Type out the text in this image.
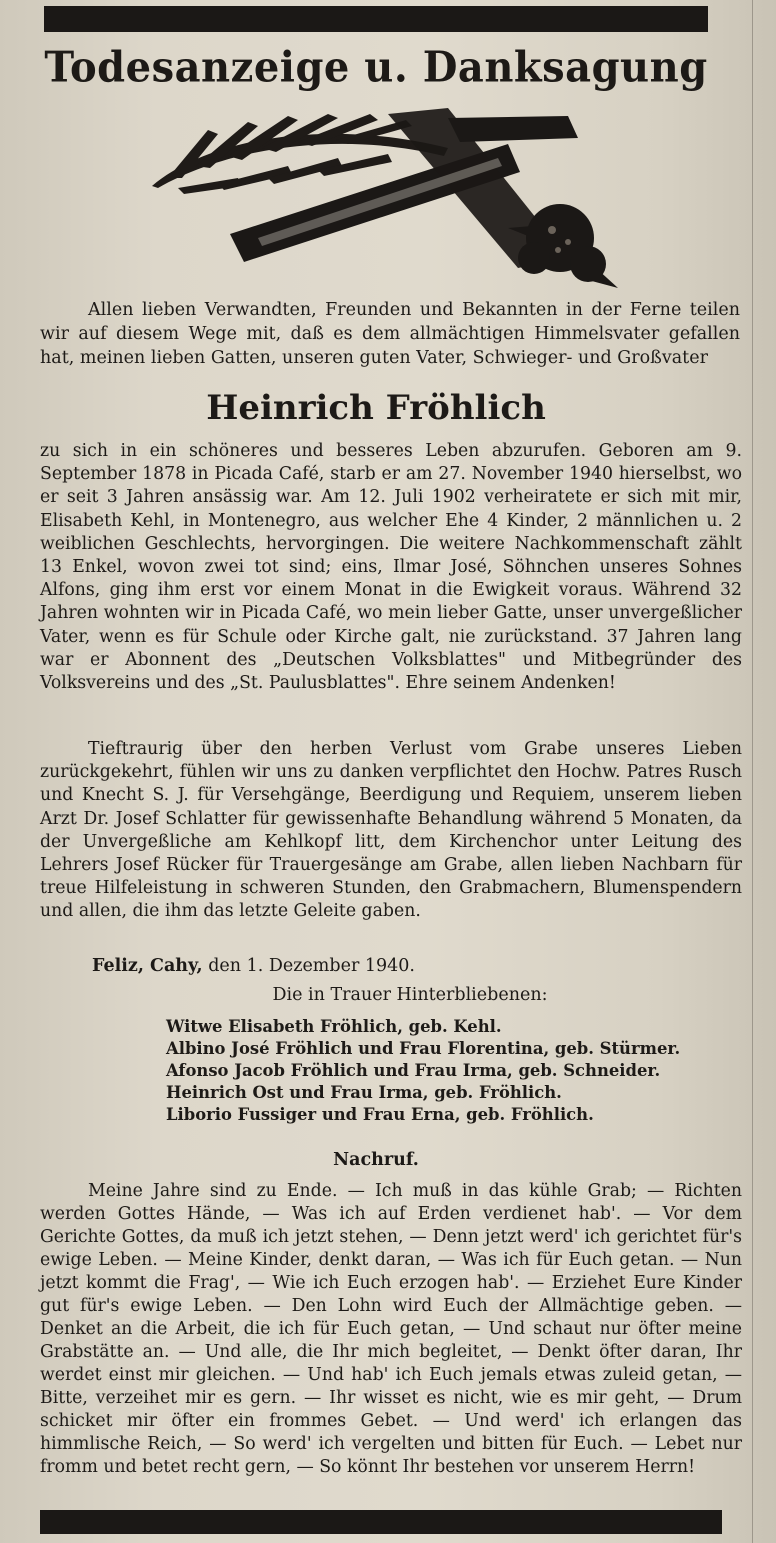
Todesanzeige u. Danksagung

Allen lieben Verwandten, Freunden und Bekannten in der Ferne teilen wir auf diesem Wege mit, daß es dem allmächtigen Himmelsvater gefallen hat, meinen lieben Gatten, unseren guten Vater, Schwieger- und Großvater

Heinrich Fröhlich

zu sich in ein schöneres und besseres Leben abzurufen. Geboren am 9. September 1878 in Picada Café, starb er am 27. November 1940 hierselbst, wo er seit 3 Jahren ansässig war. Am 12. Juli 1902 verheiratete er sich mit mir, Elisabeth Kehl, in Montenegro, aus welcher Ehe 4 Kinder, 2 männlichen u. 2 weiblichen Geschlechts, hervorgingen. Die weitere Nachkommenschaft zählt 13 Enkel, wovon zwei tot sind; eins, Ilmar José, Söhnchen unseres Sohnes Alfons, ging ihm erst vor einem Monat in die Ewigkeit voraus. Während 32 Jahren wohnten wir in Picada Café, wo mein lieber Gatte, unser unvergeßlicher Vater, wenn es für Schule oder Kirche galt, nie zurückstand. 37 Jahren lang war er Abonnent des „Deutschen Volksblattes" und Mitbegründer des Volksvereins und des „St. Paulusblattes". Ehre seinem Andenken!

Tieftraurig über den herben Verlust vom Grabe unseres Lieben zurückgekehrt, fühlen wir uns zu danken verpflichtet den Hochw. Patres Rusch und Knecht S. J. für Versehgänge, Beerdigung und Requiem, unserem lieben Arzt Dr. Josef Schlatter für gewissenhafte Behandlung während 5 Monaten, da der Unvergeßliche am Kehlkopf litt, dem Kirchenchor unter Leitung des Lehrers Josef Rücker für Trauergesänge am Grabe, allen lieben Nachbarn für treue Hilfeleistung in schweren Stunden, den Grabmachern, Blumenspendern und allen, die ihm das letzte Geleite gaben.

Feliz, Cahy, den 1. Dezember 1940.
Die in Trauer Hinterbliebenen:
Witwe Elisabeth Fröhlich, geb. Kehl.
Albino José Fröhlich und Frau Florentina, geb. Stürmer.
Afonso Jacob Fröhlich und Frau Irma, geb. Schneider.
Heinrich Ost und Frau Irma, geb. Fröhlich.
Liborio Fussiger und Frau Erna, geb. Fröhlich.
Nachruf.

Meine Jahre sind zu Ende. — Ich muß in das kühle Grab; — Richten werden Gottes Hände, — Was ich auf Erden verdienet hab'. — Vor dem Gerichte Gottes, da muß ich jetzt stehen, — Denn jetzt werd' ich gerichtet für's ewige Leben. — Meine Kinder, denkt daran, — Was ich für Euch getan. — Nun jetzt kommt die Frag', — Wie ich Euch erzogen hab'. — Erziehet Eure Kinder gut für's ewige Leben. — Den Lohn wird Euch der Allmächtige geben. — Denket an die Arbeit, die ich für Euch getan, — Und schaut nur öfter meine Grabstätte an. — Und alle, die Ihr mich begleitet, — Denkt öfter daran, Ihr werdet einst mir gleichen. — Und hab' ich Euch jemals etwas zuleid getan, — Bitte, verzeihet mir es gern. — Ihr wisset es nicht, wie es mir geht, — Drum schicket mir öfter ein frommes Gebet. — Und werd' ich erlangen das himmlische Reich, — So werd' ich vergelten und bitten für Euch. — Lebet nur fromm und betet recht gern, — So könnt Ihr bestehen vor unserem Herrn!
